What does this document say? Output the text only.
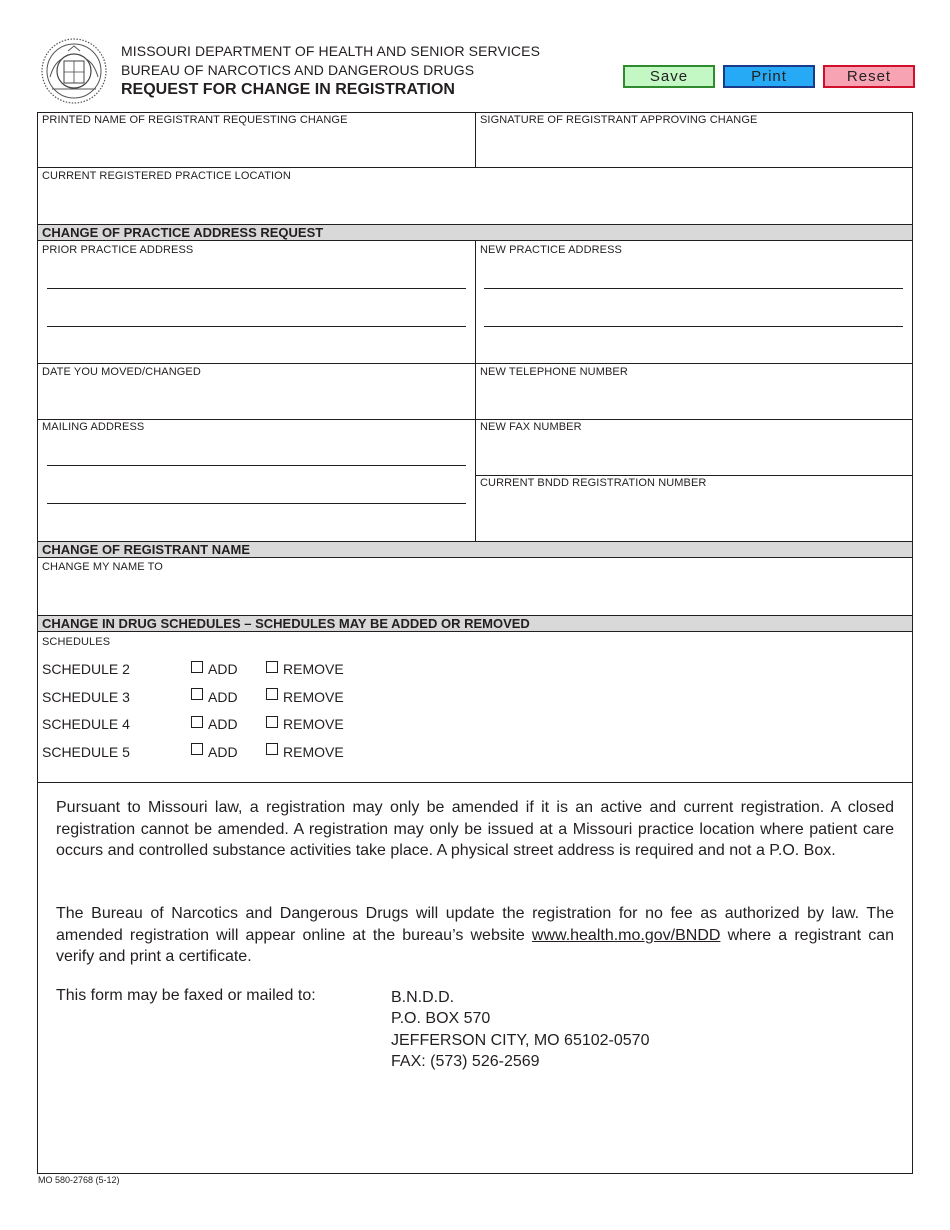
MISSOURI DEPARTMENT OF HEALTH AND SENIOR SERVICES
BUREAU OF NARCOTICS AND DANGEROUS DRUGS
REQUEST FOR CHANGE IN REGISTRATION
Save	Print	Reset
PRINTED NAME OF REGISTRANT REQUESTING CHANGE	SIGNATURE OF REGISTRANT APPROVING CHANGE
CURRENT REGISTERED PRACTICE LOCATION
CHANGE OF PRACTICE ADDRESS REQUEST
PRIOR PRACTICE ADDRESS	NEW PRACTICE ADDRESS
DATE YOU MOVED/CHANGED	NEW TELEPHONE NUMBER
MAILING ADDRESS	NEW FAX NUMBER
CURRENT BNDD REGISTRATION NUMBER
CHANGE OF REGISTRANT NAME
CHANGE MY NAME TO
CHANGE IN DRUG SCHEDULES – SCHEDULES MAY BE ADDED OR REMOVED
SCHEDULES
SCHEDULE 2	ADD	REMOVE
SCHEDULE 3	ADD	REMOVE
SCHEDULE 4	ADD	REMOVE
SCHEDULE 5	ADD	REMOVE
Pursuant to Missouri law, a registration may only be amended if it is an active and current registration. A closed registration cannot be amended. A registration may only be issued at a Missouri practice location where patient care occurs and controlled substance activities take place. A physical street address is required and not a P.O. Box.
The Bureau of Narcotics and Dangerous Drugs will update the registration for no fee as authorized by law. The amended registration will appear online at the bureau’s website www.health.mo.gov/BNDD where a registrant can verify and print a certificate.
This form may be faxed or mailed to:	B.N.D.D.
P.O. BOX 570
JEFFERSON CITY, MO 65102-0570
FAX: (573) 526-2569
MO 580-2768 (5-12)
